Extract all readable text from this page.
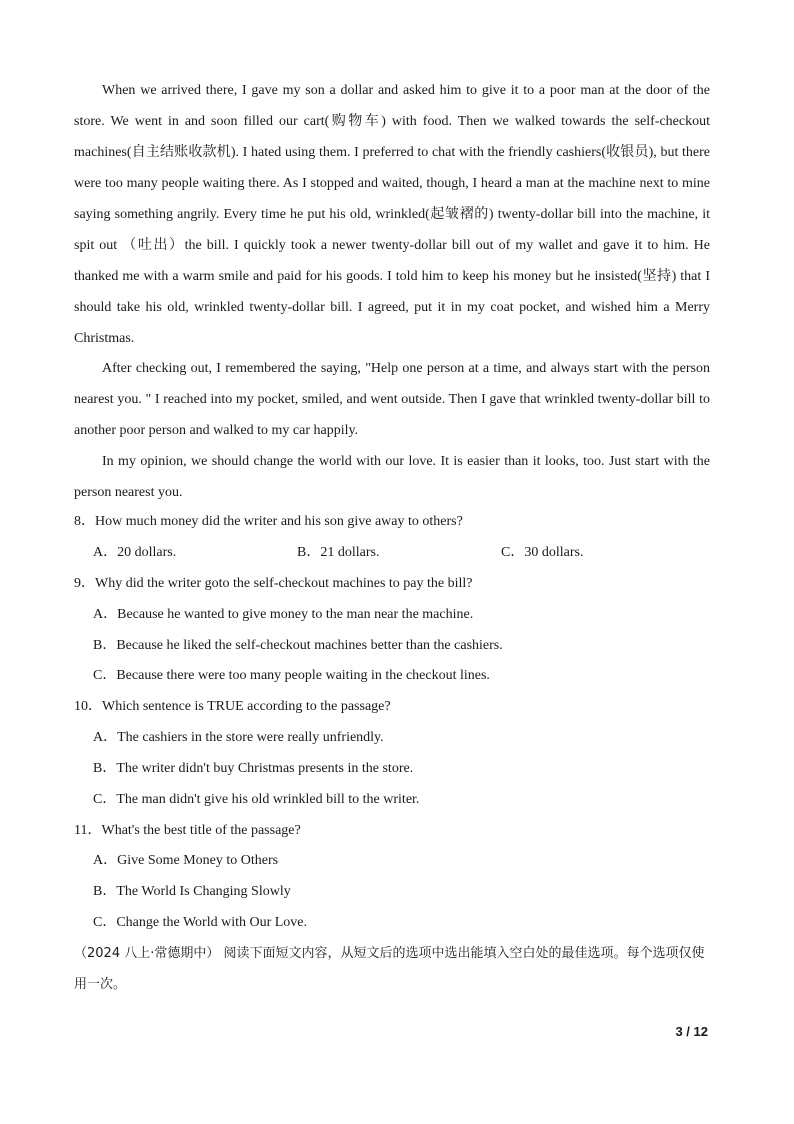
When we arrived there, I gave my son a dollar and asked him to give it to a poor man at the door of the store. We went in and soon filled our cart(购物车) with food. Then we walked towards the self-checkout machines(自主结账收款机). I hated using them. I preferred to chat with the friendly cashiers(收银员), but there were too many people waiting there. As I stopped and waited, though, I heard a man at the machine next to mine saying something angrily. Every time he put his old, wrinkled(起皱褶的) twenty-dollar bill into the machine, it spit out （吐出）the bill. I quickly took a newer twenty-dollar bill out of my wallet and gave it to him. He thanked me with a warm smile and paid for his goods. I told him to keep his money but he insisted(坚持) that I should take his old, wrinkled twenty-dollar bill. I agreed, put it in my coat pocket, and wished him a Merry Christmas.

After checking out, I remembered the saying, "Help one person at a time, and always start with the person nearest you. " I reached into my pocket, smiled, and went outside. Then I gave that wrinkled twenty-dollar bill to another poor person and walked to my car happily.

In my opinion, we should change the world with our love. It is easier than it looks, too. Just start with the person nearest you.

8．How much money did the writer and his son give away to others?
A．20 dollars.	B．21 dollars.	C．30 dollars.
9．Why did the writer goto the self-checkout machines to pay the bill?
A．Because he wanted to give money to the man near the machine.
B．Because he liked the self-checkout machines better than the cashiers.
C．Because there were too many people waiting in the checkout lines.
10．Which sentence is TRUE according to the passage?
A．The cashiers in the store were really unfriendly.
B．The writer didn't buy Christmas presents in the store.
C．The man didn't give his old wrinkled bill to the writer.
11．What's the best title of the passage?
A．Give Some Money to Others
B．The World Is Changing Slowly
C．Change the World with Our Love.

（2024 八上·常德期中） 阅读下面短文内容，从短文后的选项中选出能填入空白处的最佳选项。每个选项仅使用一次。

3 / 12
